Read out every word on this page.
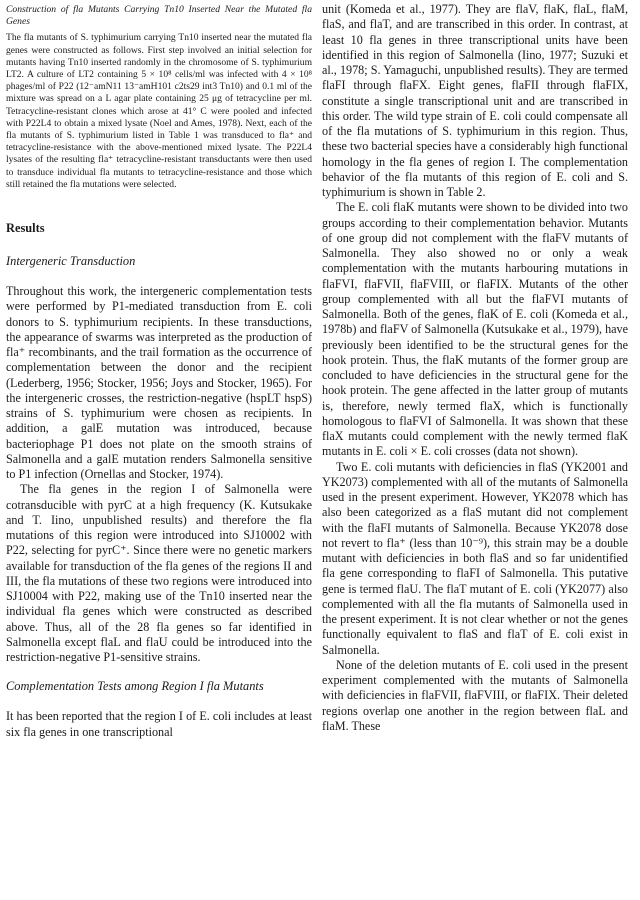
Construction of fla Mutants Carrying Tn10 Inserted Near the Mutated fla Genes

The fla mutants of S. typhimurium carrying Tn10 inserted near the mutated fla genes were constructed as follows. First step involved an initial selection for mutants having Tn10 inserted randomly in the chromosome of S. typhimurium LT2. A culture of LT2 containing 5 × 10⁸ cells/ml was infected with 4 × 10⁸ phages/ml of P22 (12⁻amN11 13⁻amH101 c2ts29 int3 Tn10) and 0.1 ml of the mixture was spread on a L agar plate containing 25 μg of tetracycline per ml. Tetracycline-resistant clones which arose at 41° C were pooled and infected with P22L4 to obtain a mixed lysate (Noel and Ames, 1978). Next, each of the fla mutants of S. typhimurium listed in Table 1 was transduced to fla⁺ and tetracycline-resistance with the above-mentioned mixed lysate. The P22L4 lysates of the resulting fla⁺ tetracycline-resistant transductants were then used to transduce individual fla mutants to tetracycline-resistance and those which still retained the fla mutations were selected.

Results

Intergeneric Transduction

Throughout this work, the intergeneric complementation tests were performed by P1-mediated transduction from E. coli donors to S. typhimurium recipients. In these transductions, the appearance of swarms was interpreted as the production of fla⁺ recombinants, and the trail formation as the occurrence of complementation between the donor and the recipient (Lederberg, 1956; Stocker, 1956; Joys and Stocker, 1965). For the intergeneric crosses, the restriction-negative (hspLT hspS) strains of S. typhimurium were chosen as recipients. In addition, a galE mutation was introduced, because bacteriophage P1 does not plate on the smooth strains of Salmonella and a galE mutation renders Salmonella sensitive to P1 infection (Ornellas and Stocker, 1974).

The fla genes in the region I of Salmonella were cotransducible with pyrC at a high frequency (K. Kutsukake and T. Iino, unpublished results) and therefore the fla mutations of this region were introduced into SJ10002 with P22, selecting for pyrC⁺. Since there were no genetic markers available for transduction of the fla genes of the regions II and III, the fla mutations of these two regions were introduced into SJ10004 with P22, making use of the Tn10 inserted near the individual fla genes which were constructed as described above. Thus, all of the 28 fla genes so far identified in Salmonella except flaL and flaU could be introduced into the restriction-negative P1-sensitive strains.

Complementation Tests among Region I fla Mutants

It has been reported that the region I of E. coli includes at least six fla genes in one transcriptional

unit (Komeda et al., 1977). They are flaV, flaK, flaL, flaM, flaS, and flaT, and are transcribed in this order. In contrast, at least 10 fla genes in three transcriptional units have been identified in this region of Salmonella (Iino, 1977; Suzuki et al., 1978; S. Yamaguchi, unpublished results). They are termed flaFI through flaFX. Eight genes, flaFII through flaFIX, constitute a single transcriptional unit and are transcribed in this order. The wild type strain of E. coli could compensate all of the fla mutations of S. typhimurium in this region. Thus, these two bacterial species have a considerably high functional homology in the fla genes of region I. The complementation behavior of the fla mutants of this region of E. coli and S. typhimurium is shown in Table 2.

The E. coli flaK mutants were shown to be divided into two groups according to their complementation behavior. Mutants of one group did not complement with the flaFV mutants of Salmonella. They also showed no or only a weak complementation with the mutants harbouring mutations in flaFVI, flaFVII, flaFVIII, or flaFIX. Mutants of the other group complemented with all but the flaFVI mutants of Salmonella. Both of the genes, flaK of E. coli (Komeda et al., 1978b) and flaFV of Salmonella (Kutsukake et al., 1979), have previously been identified to be the structural genes for the hook protein. Thus, the flaK mutants of the former group are concluded to have deficiencies in the structural gene for the hook protein. The gene affected in the latter group of mutants is, therefore, newly termed flaX, which is functionally homologous to flaFVI of Salmonella. It was shown that these flaX mutants could complement with the newly termed flaK mutants in E. coli × E. coli crosses (data not shown).

Two E. coli mutants with deficiencies in flaS (YK2001 and YK2073) complemented with all of the mutants of Salmonella used in the present experiment. However, YK2078 which has also been categorized as a flaS mutant did not complement with the flaFI mutants of Salmonella. Because YK2078 dose not revert to fla⁺ (less than 10⁻⁹), this strain may be a double mutant with deficiencies in both flaS and so far unidentified fla gene corresponding to flaFI of Salmonella. This putative gene is termed flaU. The flaT mutant of E. coli (YK2077) also complemented with all the fla mutants of Salmonella used in the present experiment. It is not clear whether or not the genes functionally equivalent to flaS and flaT of E. coli exist in Salmonella.

None of the deletion mutants of E. coli used in the present experiment complemented with the mutants of Salmonella with deficiencies in flaFVII, flaFVIII, or flaFIX. Their deleted regions overlap one another in the region between flaL and flaM. These
